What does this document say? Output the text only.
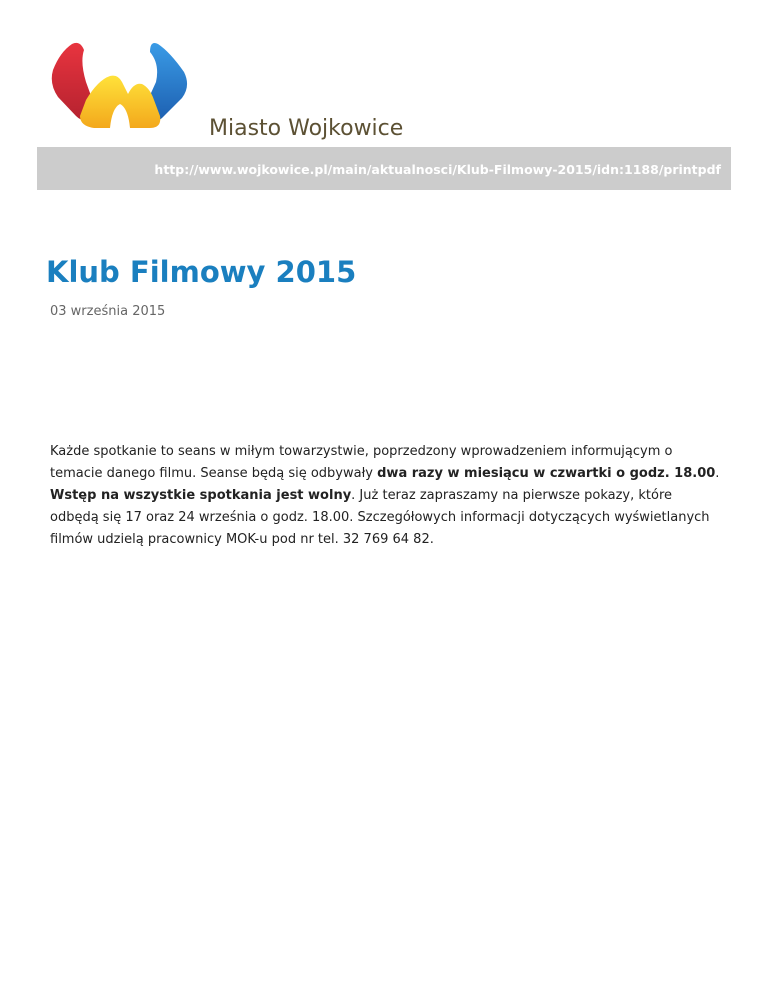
Miasto Wojkowice
http://www.wojkowice.pl/main/aktualnosci/Klub-Filmowy-2015/idn:1188/printpdf
Klub Filmowy 2015
03 września 2015

Każde spotkanie to seans w miłym towarzystwie, poprzedzony wprowadzeniem informującym o temacie danego filmu. Seanse będą się odbywały dwa razy w miesiącu w czwartki o godz. 18.00. Wstęp na wszystkie spotkania jest wolny. Już teraz zapraszamy na pierwsze pokazy, które odbędą się 17 oraz 24 września o godz. 18.00. Szczegółowych informacji dotyczących wyświetlanych filmów udzielą pracownicy MOK-u pod nr tel. 32 769 64 82.
